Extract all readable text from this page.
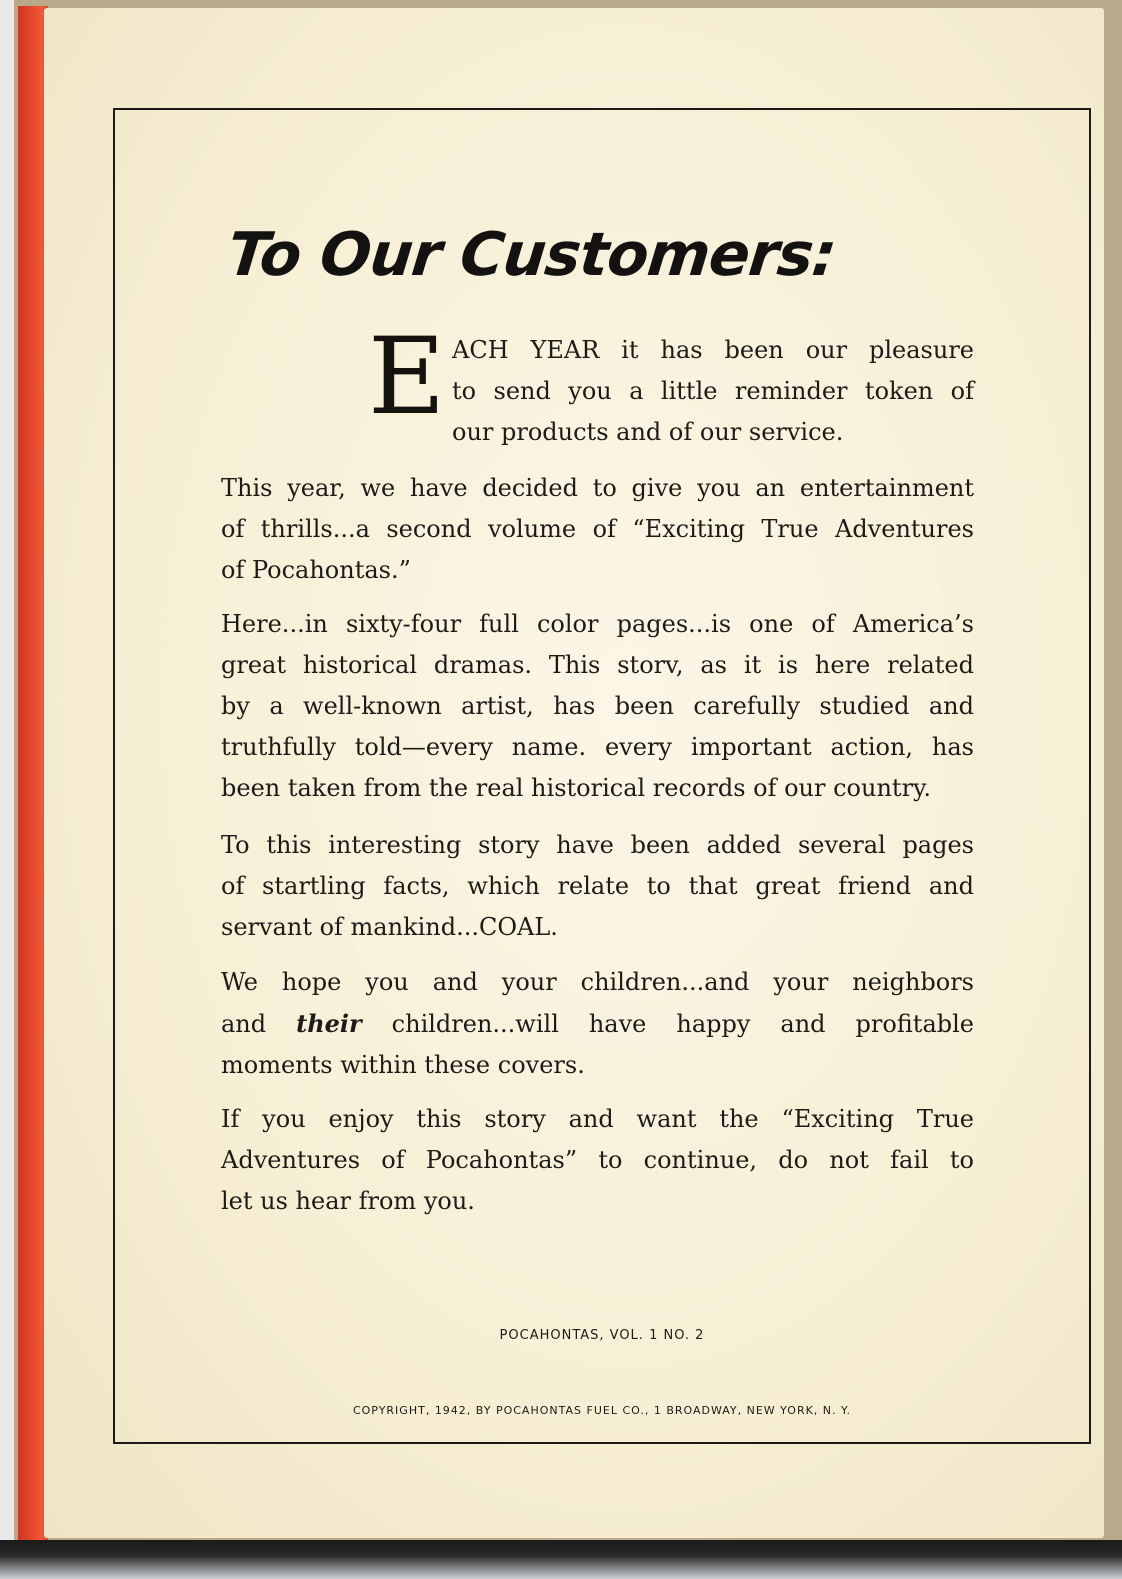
To Our Customers:
E ACH YEAR it has been our pleasure
to send you a little reminder token of
our products and of our service.
This year, we have decided to give you an entertainment
of thrills...a second volume of “Exciting True Adventures
of Pocahontas.”
Here...in sixty-four full color pages...is one of America’s
great historical dramas. This storv, as it is here related
by a well-known artist, has been carefully studied and
truthfully told—every name. every important action, has
been taken from the real historical records of our country.
To this interesting story have been added several pages
of startling facts, which relate to that great friend and
servant of mankind...COAL.
We hope you and your children...and your neighbors
and their children...will have happy and profitable
moments within these covers.
If you enjoy this story and want the “Exciting True
Adventures of Pocahontas” to continue, do not fail to
let us hear from you.
POCAHONTAS, VOL. 1 NO. 2
COPYRIGHT, 1942, BY POCAHONTAS FUEL CO., 1 BROADWAY, NEW YORK, N. Y.
